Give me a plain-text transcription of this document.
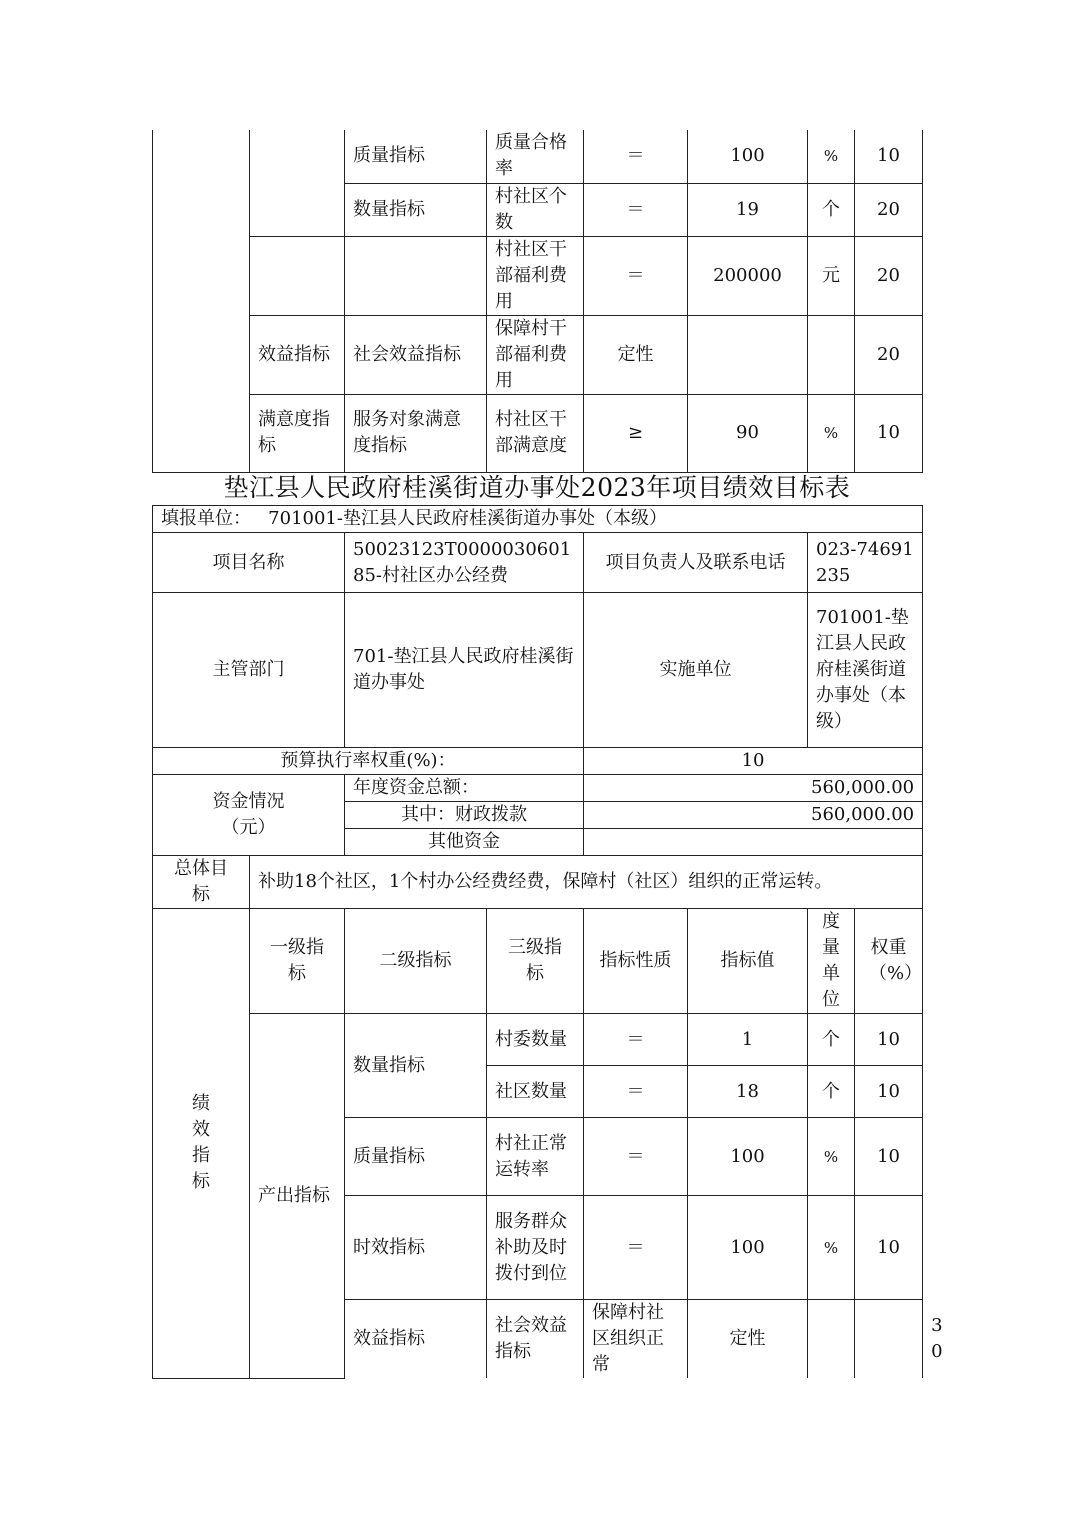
		质量指标	质量合格率	＝	100	%	10
		数量指标	村社区个数	＝	19	个	20
			村社区干部福利费用	＝	200000	元	20
	效益指标	社会效益指标	保障村干部福利费用	定性			20
	满意度指标	服务对象满意度指标	村社区干部满意度	≥	90	%	10
垫江县人民政府桂溪街道办事处2023年项目绩效目标表
填报单位： 701001-垫江县人民政府桂溪街道办事处（本级）								
项目名称		50023123T000003060185-村社区办公经费		项目负责人及联系电话		023-74691235		
主管部门		701-垫江县人民政府桂溪街道办事处		实施单位		701001-垫江县人民政府桂溪街道办事处（本级）		
预算执行率权重(%)：				10				
资金情况（元）		年度资金总额：		560,000.00				
		其中：财政拨款		560,000.00				
		其他资金						
总体目标	补助18个社区，1个村办公经费经费，保障村（社区）组织的正常运转。							
绩效指标	一级指标	二级指标	三级指标	指标性质	指标值	度量单位	权重（%）	
	产出指标	数量指标	村委数量	＝	1	个	10	
			社区数量	＝	18	个	10	
		质量指标	村社正常运转率	＝	100	%	10	
		时效指标	服务群众补助及时拨付到位	＝	100	%	10	
		效益指标	社会效益指标	保障村社区组织正常	定性			30
